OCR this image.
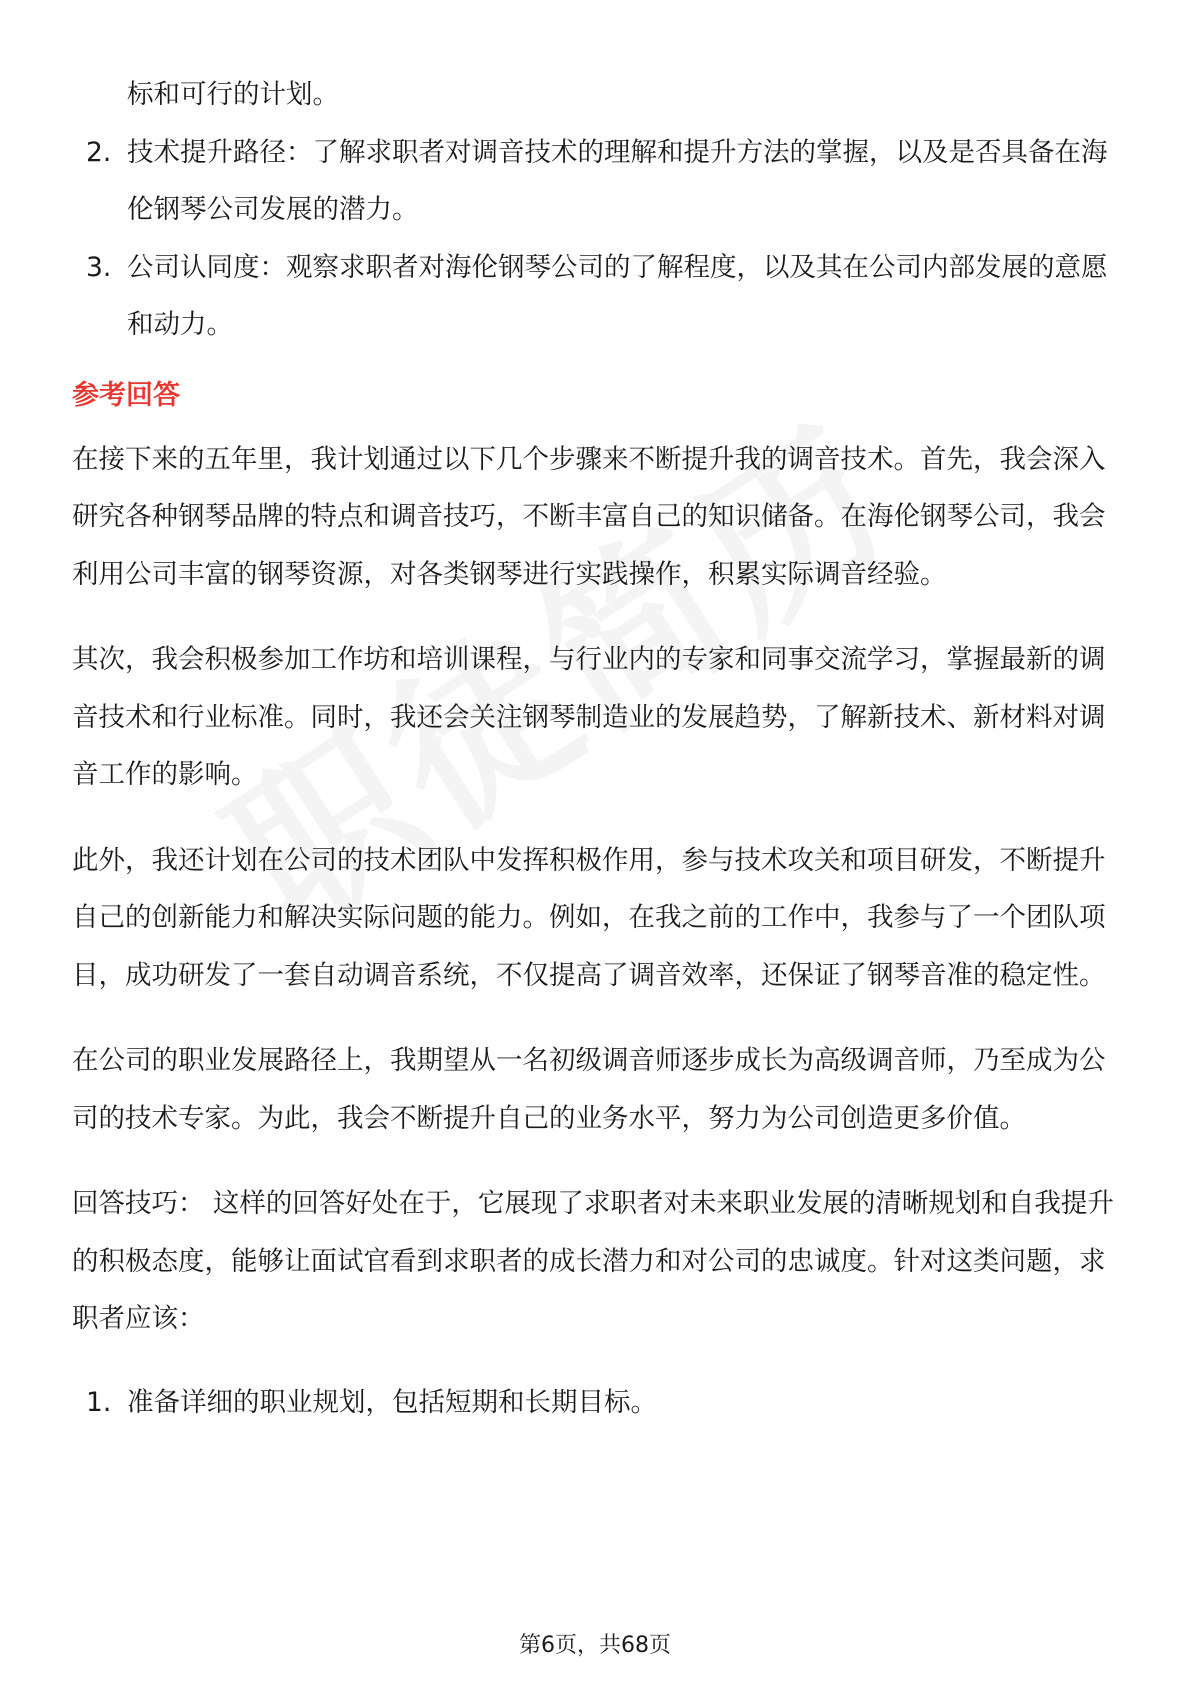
标和可行的计划。
2. 技术提升路径：了解求职者对调音技术的理解和提升方法的掌握，以及是否具备在海伦钢琴公司发展的潜力。
3. 公司认同度：观察求职者对海伦钢琴公司的了解程度，以及其在公司内部发展的意愿和动力。
参考回答

在接下来的五年里，我计划通过以下几个步骤来不断提升我的调音技术。首先，我会深入研究各种钢琴品牌的特点和调音技巧，不断丰富自己的知识储备。在海伦钢琴公司，我会利用公司丰富的钢琴资源，对各类钢琴进行实践操作，积累实际调音经验。

其次，我会积极参加工作坊和培训课程，与行业内的专家和同事交流学习，掌握最新的调音技术和行业标准。同时，我还会关注钢琴制造业的发展趋势，了解新技术、新材料对调音工作的影响。

此外，我还计划在公司的技术团队中发挥积极作用，参与技术攻关和项目研发，不断提升自己的创新能力和解决实际问题的能力。例如，在我之前的工作中，我参与了一个团队项目，成功研发了一套自动调音系统，不仅提高了调音效率，还保证了钢琴音准的稳定性。

在公司的职业发展路径上，我期望从一名初级调音师逐步成长为高级调音师，乃至成为公司的技术专家。为此，我会不断提升自己的业务水平，努力为公司创造更多价值。

回答技巧： 这样的回答好处在于，它展现了求职者对未来职业发展的清晰规划和自我提升的积极态度，能够让面试官看到求职者的成长潜力和对公司的忠诚度。针对这类问题，求职者应该：

1. 准备详细的职业规划，包括短期和长期目标。
第6页，共68页
